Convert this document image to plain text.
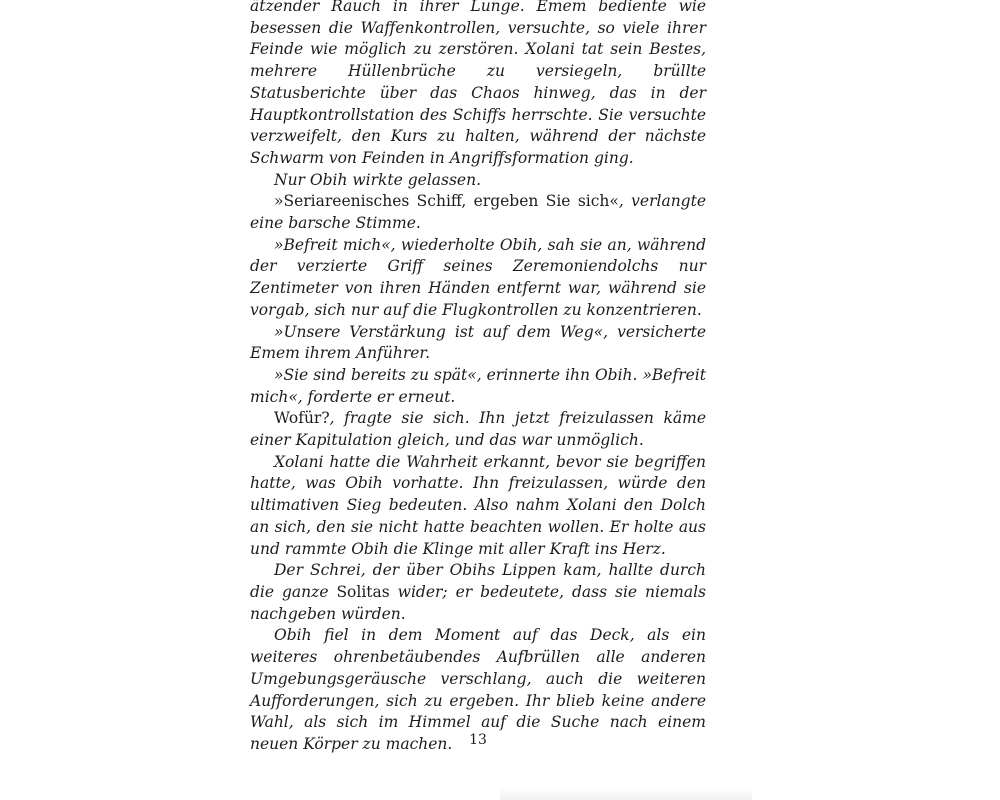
ätzender Rauch in ihrer Lunge. Emem bediente wie besessen die Waffenkontrollen, versuchte, so viele ihrer Feinde wie möglich zu zerstören. Xolani tat sein Bestes, mehrere Hüllenbrüche zu versiegeln, brüllte Statusberichte über das Chaos hinweg, das in der Hauptkontrollstation des Schiffs herrschte. Sie versuchte verzweifelt, den Kurs zu halten, während der nächste Schwarm von Feinden in Angriffsformation ging.

Nur Obih wirkte gelassen.

»Seriareenisches Schiff, ergeben Sie sich«, verlangte eine barsche Stimme.

»Befreit mich«, wiederholte Obih, sah sie an, während der verzierte Griff seines Zeremoniendolchs nur Zentimeter von ihren Händen entfernt war, während sie vorgab, sich nur auf die Flugkontrollen zu konzentrieren.

»Unsere Verstärkung ist auf dem Weg«, versicherte Emem ihrem Anführer.

»Sie sind bereits zu spät«, erinnerte ihn Obih. »Befreit mich«, forderte er erneut.

Wofür?, fragte sie sich. Ihn jetzt freizulassen käme einer Kapitulation gleich, und das war unmöglich.

Xolani hatte die Wahrheit erkannt, bevor sie begriffen hatte, was Obih vorhatte. Ihn freizulassen, würde den ultimativen Sieg bedeuten. Also nahm Xolani den Dolch an sich, den sie nicht hatte beachten wollen. Er holte aus und rammte Obih die Klinge mit aller Kraft ins Herz.

Der Schrei, der über Obihs Lippen kam, hallte durch die ganze Solitas wider; er bedeutete, dass sie niemals nachgeben würden.

Obih fiel in dem Moment auf das Deck, als ein weiteres ohrenbetäubendes Aufbrüllen alle anderen Umgebungsgeräusche verschlang, auch die weiteren Aufforderungen, sich zu ergeben. Ihr blieb keine andere Wahl, als sich im Himmel auf die Suche nach einem neuen Körper zu machen.	13
